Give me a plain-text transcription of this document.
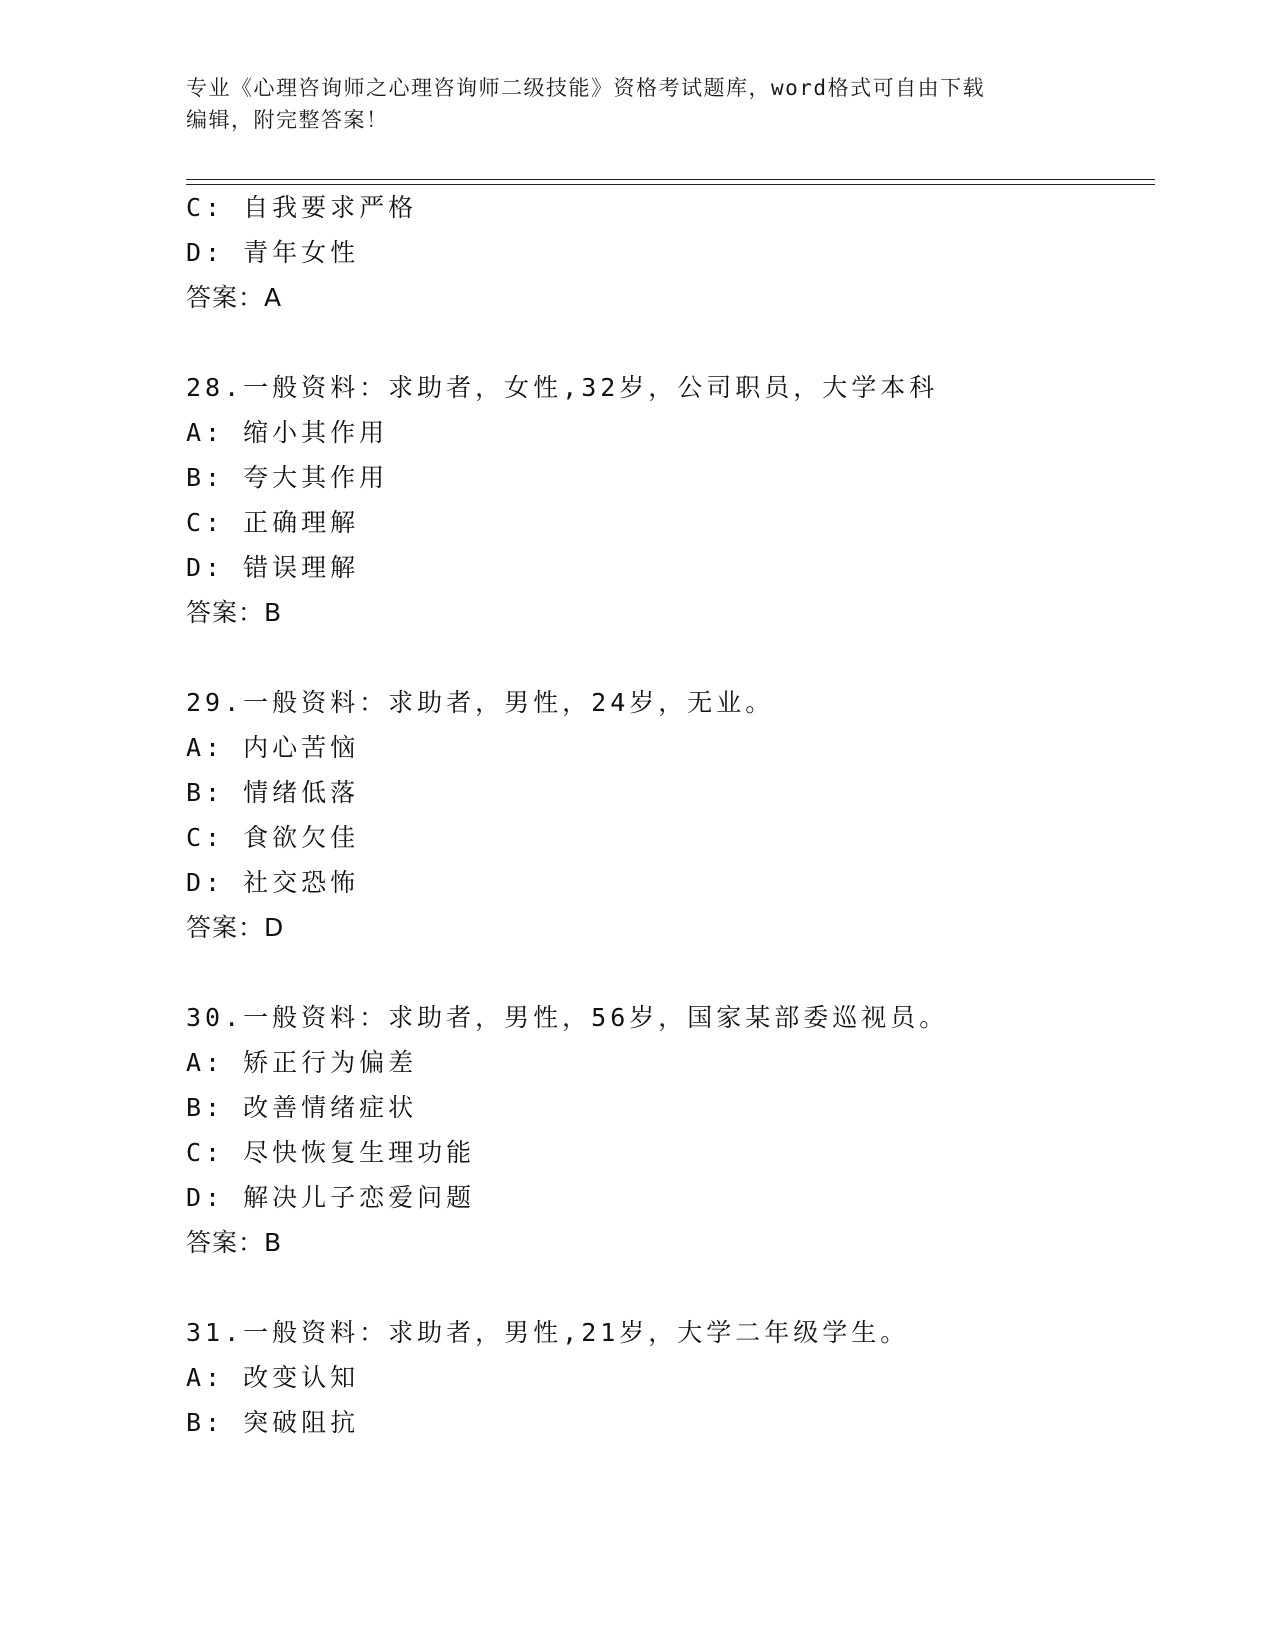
专业《心理咨询师之心理咨询师二级技能》资格考试题库，word格式可自由下载
编辑，附完整答案！
C: 自我要求严格
D: 青年女性
答案：A
28.一般资料：求助者，女性,32岁，公司职员，大学本科
A: 缩小其作用
B: 夸大其作用
C: 正确理解
D: 错误理解
答案：B
29.一般资料：求助者，男性，24岁，无业。
A: 内心苦恼
B: 情绪低落
C: 食欲欠佳
D: 社交恐怖
答案：D
30.一般资料：求助者，男性，56岁，国家某部委巡视员。
A: 矫正行为偏差
B: 改善情绪症状
C: 尽快恢复生理功能
D: 解决儿子恋爱问题
答案：B
31.一般资料：求助者，男性,21岁，大学二年级学生。
A: 改变认知
B: 突破阻抗
